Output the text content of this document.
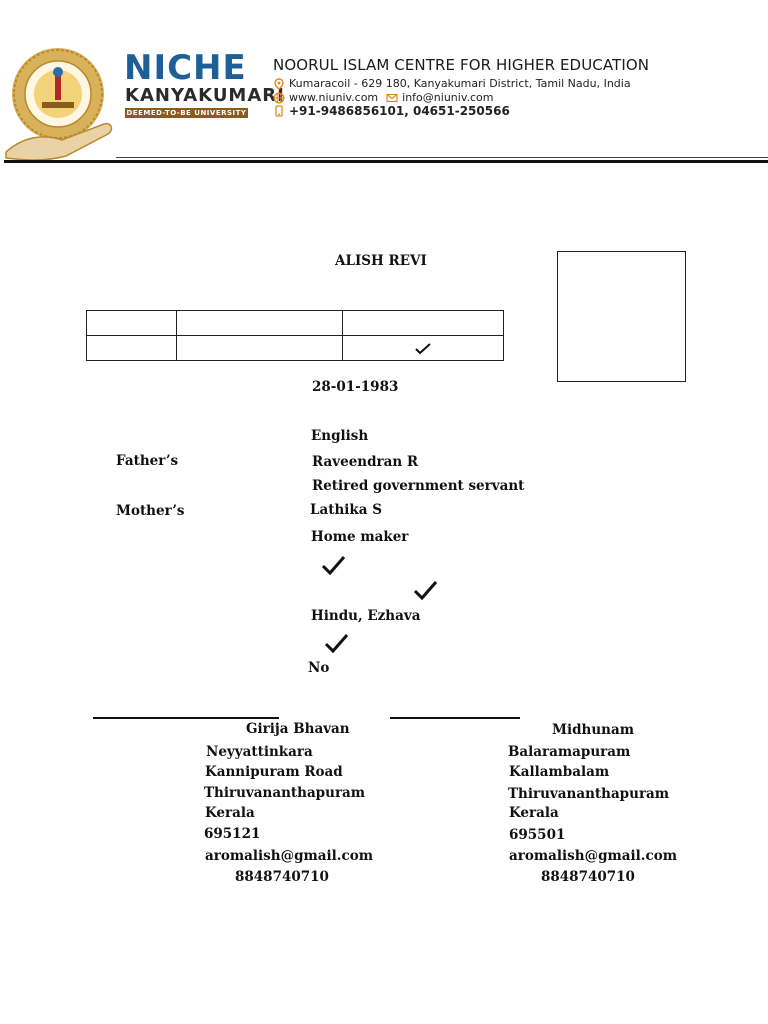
NICHE
KANYAKUMARI
DEEMED-TO-BE UNIVERSITY
NOORUL ISLAM CENTRE FOR HIGHER EDUCATION
Kumaracoil - 629 180, Kanyakumari District, Tamil Nadu, India
www.niuniv.com info@niuniv.com
+91-9486856101, 04651-250566
ALISH REVI

28-01-1983
English
Father’s	Raveendran R
Retired government servant
Mother’s	Lathika S
Home maker
Hindu, Ezhava
No
Girija Bhavan
Neyyattinkara
Kannipuram Road
Thiruvananthapuram
Kerala
695121
aromalish@gmail.com
8848740710
Midhunam
Balaramapuram
Kallambalam
Thiruvananthapuram
Kerala
695501
aromalish@gmail.com
8848740710
